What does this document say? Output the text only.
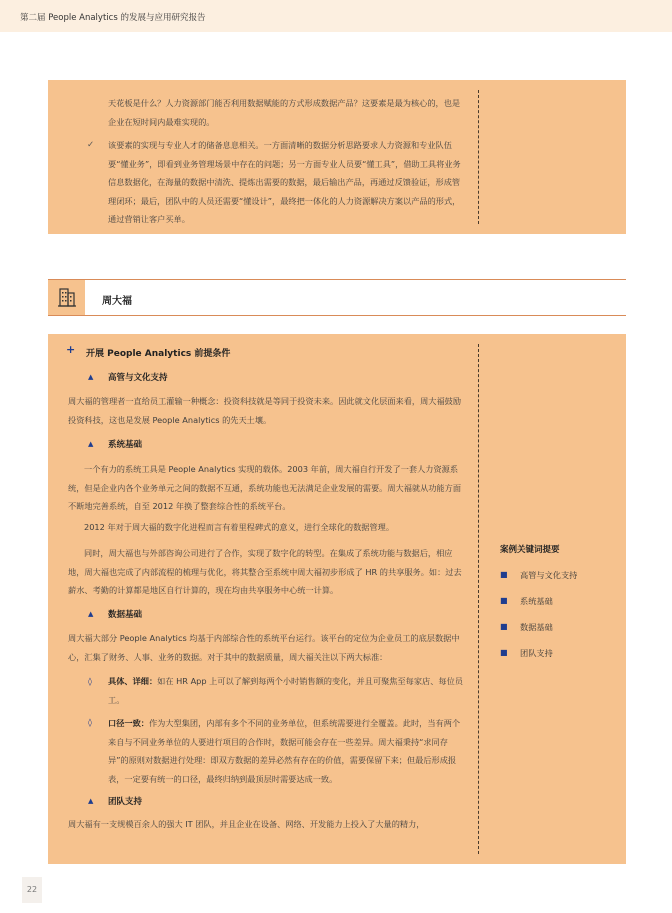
第二届 People Analytics 的发展与应用研究报告

天花板是什么？人力资源部门能否利用数据赋能的方式形成数据产品？这要素是最为核心的，也是企业在短时间内最难实现的。

✓ 该要素的实现与专业人才的储备息息相关。一方面清晰的数据分析思路要求人力资源和专业队伍要“懂业务”，即看到业务管理场景中存在的问题；另一方面专业人员要“懂工具”，借助工具将业务信息数据化，在海量的数据中清洗、提炼出需要的数据，最后输出产品，再通过反馈验证，形成管理闭环；最后，团队中的人员还需要“懂设计”，最终把一体化的人力资源解决方案以产品的形式，通过营销让客户买单。

周大福
+ 开展 People Analytics 前提条件
▲ 高管与文化支持

周大福的管理者一直给员工灌输一种概念：投资科技就是等同于投资未来。因此就文化层面来看，周大福鼓励投资科技，这也是发展 People Analytics 的先天土壤。

▲ 系统基础

一个有力的系统工具是 People Analytics 实现的载体。2003 年前，周大福自行开发了一套人力资源系统，但是企业内各个业务单元之间的数据不互通，系统功能也无法满足企业发展的需要。周大福就从功能方面不断地完善系统，自至 2012 年换了整套综合性的系统平台。

2012 年对于周大福的数字化进程而言有着里程碑式的意义，进行全球化的数据管理。

同时，周大福也与外部咨询公司进行了合作，实现了数字化的转型。在集成了系统功能与数据后，相应地，周大福也完成了内部流程的梳理与优化，将其整合至系统中周大福初步形成了 HR 的共享服务。如：过去薪水、考勤的计算都是地区自行计算的，现在均由共享服务中心统一计算。

▲ 数据基础

周大福大部分 People Analytics 均基于内部综合性的系统平台运行。该平台的定位为企业员工的底层数据中心，汇集了财务、人事、业务的数据。对于其中的数据质量，周大福关注以下两大标准：

◊ 具体、详细：如在 HR App 上可以了解到每两个小时销售额的变化，并且可聚焦至每家店、每位员工。

◊ 口径一致：作为大型集团，内部有多个不同的业务单位，但系统需要进行全覆盖。此时，当有两个来自与不同业务单位的人要进行项目的合作时，数据可能会存在一些差异。周大福秉持“求同存异”的原则对数据进行处理：即双方数据的差异必然有存在的价值，需要保留下来；但最后形成报表，一定要有统一的口径，最终归纳到最顶层时需要达成一致。

▲ 团队支持

周大福有一支规模百余人的强大 IT 团队，并且企业在设备、网络、开发能力上投入了大量的精力，

案例关键词提要
■ 高管与文化支持
■ 系统基础
■ 数据基础
■ 团队支持
22
